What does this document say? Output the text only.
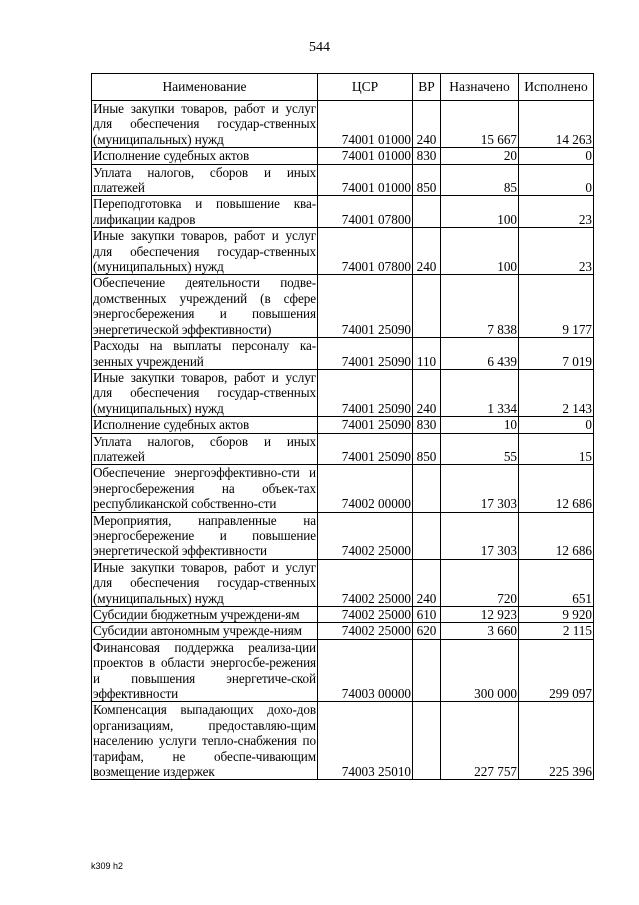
544
Наименование	ЦСР	ВР	Назначено	Исполнено
Иные закупки товаров, работ и услуг для обеспечения государ-ственных (муниципальных) нужд	74001 01000	240	15 667	14 263
Исполнение судебных актов	74001 01000	830	20	0
Уплата налогов, сборов и иных платежей	74001 01000	850	85	0
Переподготовка и повышение ква-лификации кадров	74001 07800		100	23
Иные закупки товаров, работ и услуг для обеспечения государ-ственных (муниципальных) нужд	74001 07800	240	100	23
Обеспечение деятельности подве-домственных учреждений (в сфере энергосбережения и повышения энергетической эффективности)	74001 25090		7 838	9 177
Расходы на выплаты персоналу ка-зенных учреждений	74001 25090	110	6 439	7 019
Иные закупки товаров, работ и услуг для обеспечения государ-ственных (муниципальных) нужд	74001 25090	240	1 334	2 143
Исполнение судебных актов	74001 25090	830	10	0
Уплата налогов, сборов и иных платежей	74001 25090	850	55	15
Обеспечение энергоэффективно-сти и энергосбережения на объек-тах республиканской собственно-сти	74002 00000		17 303	12 686
Мероприятия, направленные на энергосбережение и повышение энергетической эффективности	74002 25000		17 303	12 686
Иные закупки товаров, работ и услуг для обеспечения государ-ственных (муниципальных) нужд	74002 25000	240	720	651
Субсидии бюджетным учреждени-ям	74002 25000	610	12 923	9 920
Субсидии автономным учрежде-ниям	74002 25000	620	3 660	2 115
Финансовая поддержка реализа-ции проектов в области энергосбе-режения и повышения энергетиче-ской эффективности	74003 00000		300 000	299 097
Компенсация выпадающих дохо-дов организациям, предоставляю-щим населению услуги тепло-снабжения по тарифам, не обеспе-чивающим возмещение издержек	74003 25010		227 757	225 396
k309 h2
